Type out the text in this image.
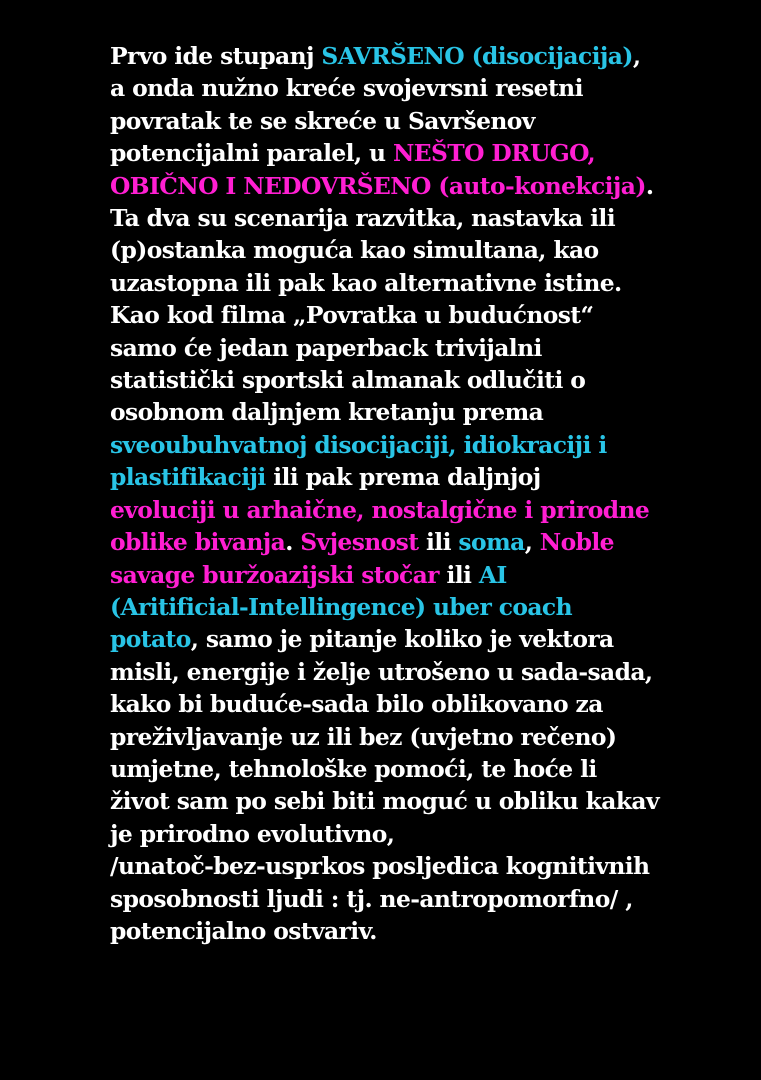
Prvo ide stupanj SAVRŠENO (disocijacija),
a onda nužno kreće svojevrsni resetni
povratak te se skreće u Savršenov
potencijalni paralel, u NEŠTO DRUGO,
OBIČNO I NEDOVRŠENO (auto-konekcija).
Ta dva su scenarija razvitka, nastavka ili
(p)ostanka moguća kao simultana, kao
uzastopna ili pak kao alternativne istine.
Kao kod filma „Povratka u budućnost“
samo će jedan paperback trivijalni
statistički sportski almanak odlučiti o
osobnom daljnjem kretanju prema
sveoubuhvatnoj disocijaciji, idiokraciji i
plastifikaciji ili pak prema daljnjoj
evoluciji u arhaične, nostalgične i prirodne
oblike bivanja. Svjesnost ili soma, Noble
savage buržoazijski stočar ili AI
(Aritificial-Intellingence) uber coach
potato, samo je pitanje koliko je vektora
misli, energije i želje utrošeno u sada-sada,
kako bi buduće-sada bilo oblikovano za
preživljavanje uz ili bez (uvjetno rečeno)
umjetne, tehnološke pomoći, te hoće li
život sam po sebi biti moguć u obliku kakav
je prirodno evolutivno,
/unatoč-bez-usprkos posljedica kognitivnih
sposobnosti ljudi : tj. ne-antropomorfno/ ,
potencijalno ostvariv.
